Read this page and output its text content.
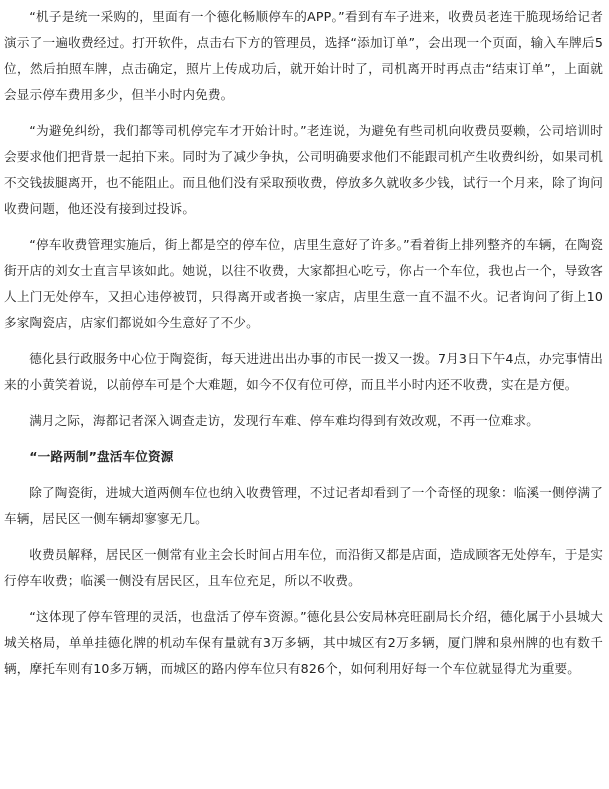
“机子是统一采购的，里面有一个德化畅顺停车的APP。”看到有车子进来，收费员老连干脆现场给记者演示了一遍收费经过。打开软件，点击右下方的管理员，选择“添加订单”，会出现一个页面，输入车牌后5位，然后拍照车牌，点击确定，照片上传成功后，就开始计时了，司机离开时再点击“结束订单”，上面就会显示停车费用多少，但半小时内免费。

“为避免纠纷，我们都等司机停完车才开始计时。”老连说，为避免有些司机向收费员耍赖，公司培训时会要求他们把背景一起拍下来。同时为了减少争执，公司明确要求他们不能跟司机产生收费纠纷，如果司机不交钱拔腿离开，也不能阻止。而且他们没有采取预收费，停放多久就收多少钱，试行一个月来，除了询问收费问题，他还没有接到过投诉。

“停车收费管理实施后，街上都是空的停车位，店里生意好了许多。”看着街上排列整齐的车辆，在陶瓷街开店的刘女士直言早该如此。她说，以往不收费，大家都担心吃亏，你占一个车位，我也占一个，导致客人上门无处停车，又担心违停被罚，只得离开或者换一家店，店里生意一直不温不火。记者询问了街上10多家陶瓷店，店家们都说如今生意好了不少。

德化县行政服务中心位于陶瓷街，每天进进出出办事的市民一拨又一拨。7月3日下午4点，办完事情出来的小黄笑着说，以前停车可是个大难题，如今不仅有位可停，而且半小时内还不收费，实在是方便。

满月之际，海都记者深入调查走访，发现行车难、停车难均得到有效改观，不再一位难求。

“一路两制”盘活车位资源

除了陶瓷街，进城大道两侧车位也纳入收费管理，不过记者却看到了一个奇怪的现象：临溪一侧停满了车辆，居民区一侧车辆却寥寥无几。

收费员解释，居民区一侧常有业主会长时间占用车位，而沿街又都是店面，造成顾客无处停车，于是实行停车收费；临溪一侧没有居民区，且车位充足，所以不收费。

“这体现了停车管理的灵活，也盘活了停车资源。”德化县公安局林亮旺副局长介绍，德化属于小县城大城关格局，单单挂德化牌的机动车保有量就有3万多辆，其中城区有2万多辆，厦门牌和泉州牌的也有数千辆，摩托车则有10多万辆，而城区的路内停车位只有826个，如何利用好每一个车位就显得尤为重要。
